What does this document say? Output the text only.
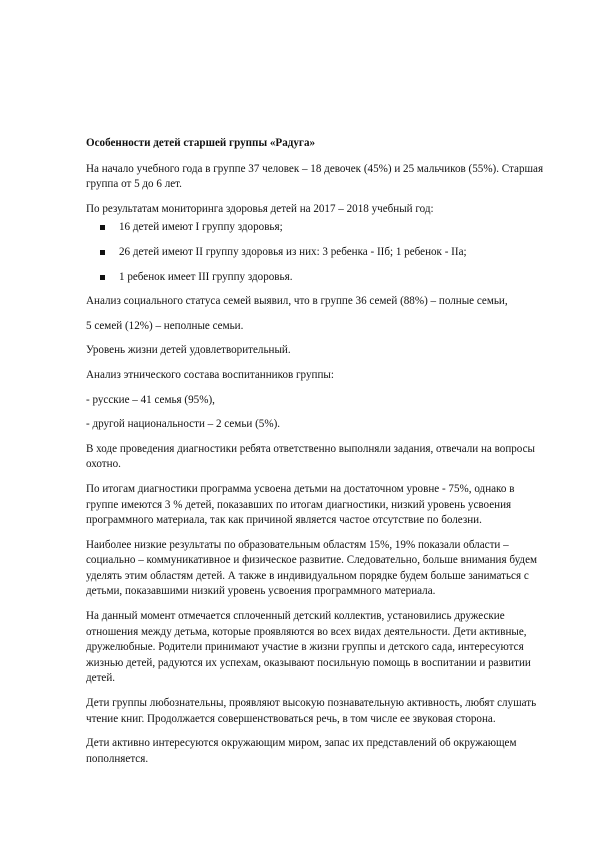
Особенности детей старшей группы «Радуга»

На начало учебного года в группе 37 человек – 18 девочек (45%) и 25 мальчиков (55%). Старшая группа от 5 до 6 лет.

По результатам мониторинга здоровья детей на 2017 – 2018 учебный год:

16 детей имеют I группу здоровья;
26 детей имеют II группу здоровья из них: 3 ребенка - IIб; 1 ребенок - IIа;
1 ребенок имеет III группу здоровья.

Анализ социального статуса семей выявил, что в группе 36 семей (88%) – полные семьи,

5 семей (12%) – неполные семьи.

Уровень жизни детей удовлетворительный.

Анализ этнического состава воспитанников группы:

- русские – 41 семья (95%),

- другой национальности – 2 семьи (5%).

В ходе проведения диагностики ребята ответственно выполняли задания, отвечали на вопросы охотно.

По итогам диагностики программа усвоена детьми на достаточном уровне - 75%, однако в группе имеются 3 % детей, показавших по итогам диагностики, низкий уровень усвоения программного материала, так как причиной является частое отсутствие по болезни.

Наиболее низкие результаты по образовательным областям 15%, 19% показали области – социально – коммуникативное и физическое развитие. Следовательно, больше внимания будем уделять этим областям детей. А также в индивидуальном порядке будем больше заниматься с детьми, показавшими низкий уровень усвоения программного материала.

На данный момент отмечается сплоченный детский коллектив, установились дружеские отношения между детьма, которые проявляются во всех видах деятельности. Дети активные, дружелюбные. Родители принимают участие в жизни группы и детского сада, интересуются жизнью детей, радуются их успехам, оказывают посильную помощь в воспитании и развитии детей.

Дети группы любознательны, проявляют высокую познавательную активность, любят слушать чтение книг. Продолжается совершенствоваться речь, в том числе ее звуковая сторона.

Дети активно интересуются окружающим миром, запас их представлений об окружающем пополняется.
